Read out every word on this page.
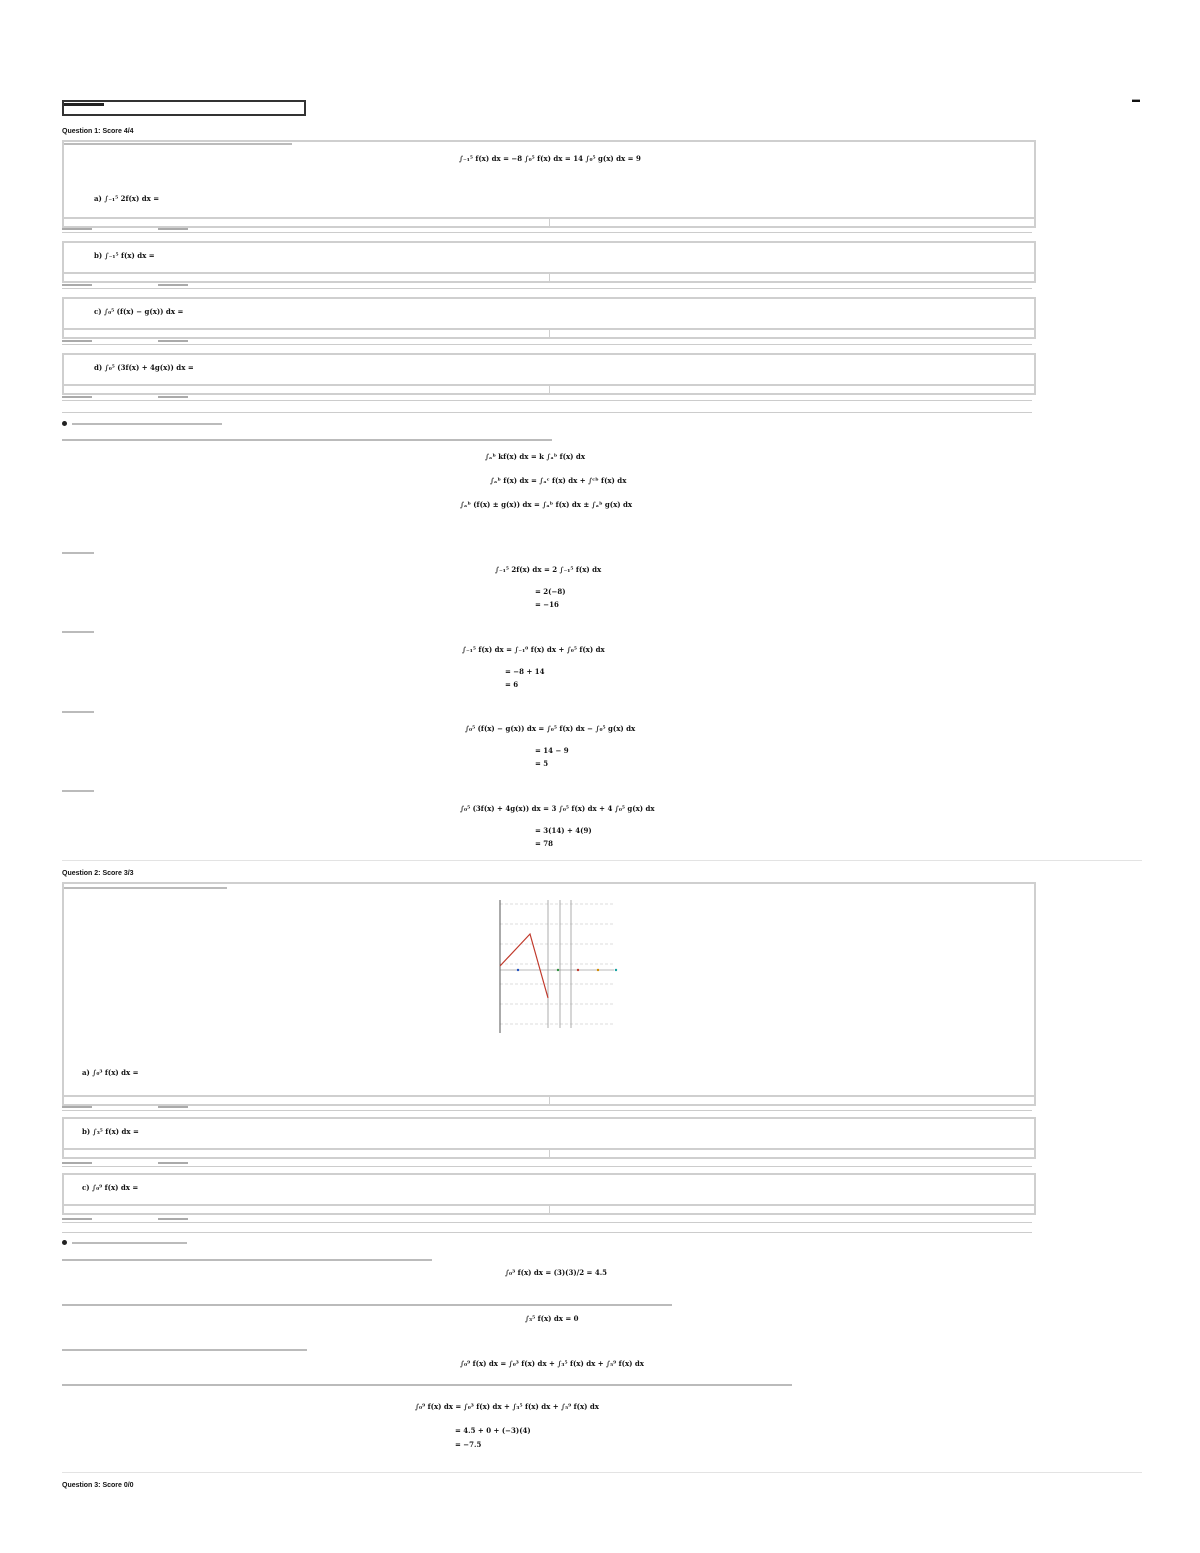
▬
Question 1: Score 4/4
∫₋₁⁵ f(x) dx = −8 ∫₀⁵ f(x) dx = 14 ∫₀⁵ g(x) dx = 9
a) ∫₋₁⁵ 2f(x) dx =
b) ∫₋₁⁵ f(x) dx =
c) ∫₀⁵ (f(x) − g(x)) dx =
d) ∫₀⁵ (3f(x) + 4g(x)) dx =
∫ₐᵇ kf(x) dx = k ∫ₐᵇ f(x) dx
∫ₐᵇ f(x) dx = ∫ₐᶜ f(x) dx + ∫ᶜᵇ f(x) dx
∫ₐᵇ (f(x) ± g(x)) dx = ∫ₐᵇ f(x) dx ± ∫ₐᵇ g(x) dx
∫₋₁⁵ 2f(x) dx = 2 ∫₋₁⁵ f(x) dx
= 2(−8)
= −16
∫₋₁⁵ f(x) dx = ∫₋₁⁰ f(x) dx + ∫₀⁵ f(x) dx
= −8 + 14
= 6
∫₀⁵ (f(x) − g(x)) dx = ∫₀⁵ f(x) dx − ∫₀⁵ g(x) dx
= 14 − 9
= 5
∫₀⁵ (3f(x) + 4g(x)) dx = 3 ∫₀⁵ f(x) dx + 4 ∫₀⁵ g(x) dx
= 3(14) + 4(9)
= 78
Question 2: Score 3/3
a) ∫₀³ f(x) dx =
b) ∫₃⁵ f(x) dx =
c) ∫₀⁹ f(x) dx =
∫₀³ f(x) dx = (3)(3)/2 = 4.5
∫₃⁵ f(x) dx = 0
∫₀⁹ f(x) dx = ∫₀³ f(x) dx + ∫₃⁵ f(x) dx + ∫₅⁹ f(x) dx
∫₀⁹ f(x) dx = ∫₀³ f(x) dx + ∫₃⁵ f(x) dx + ∫₅⁹ f(x) dx
= 4.5 + 0 + (−3)(4)
= −7.5
Question 3: Score 0/0
